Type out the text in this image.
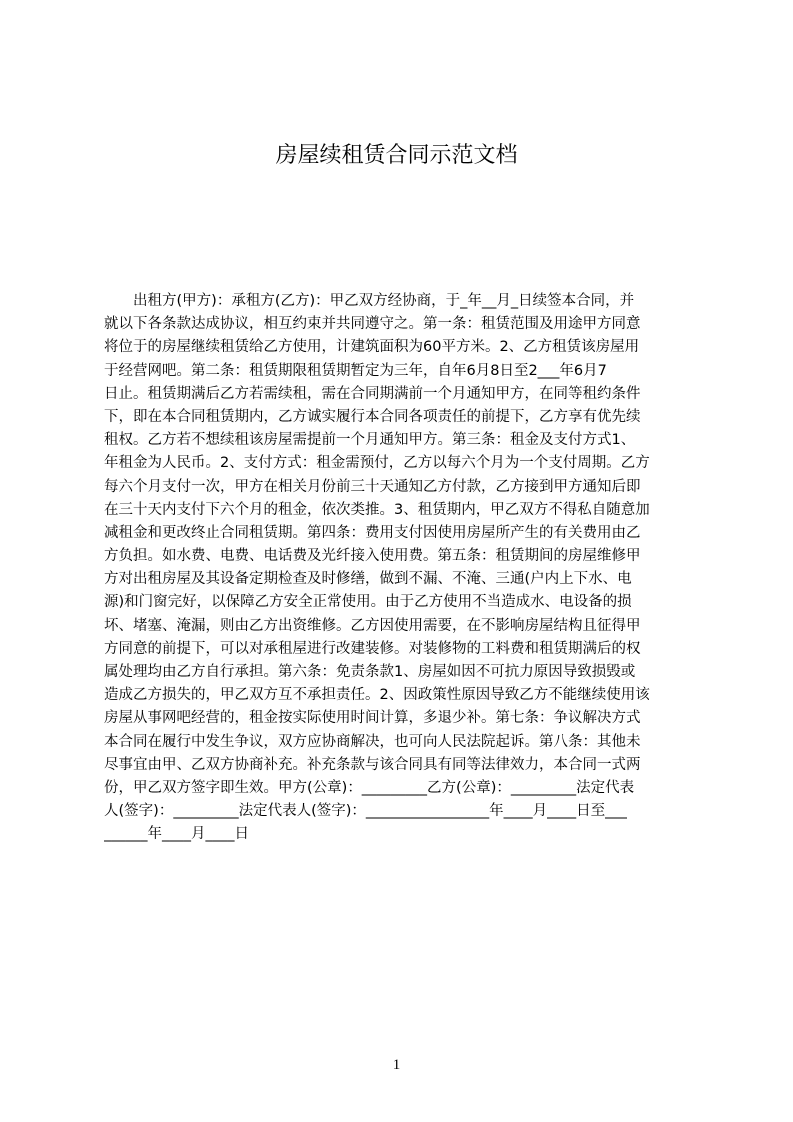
房屋续租赁合同示范文档
　　出租方(甲方)：承租方(乙方)：甲乙双方经协商，于_年__月_日续签本合同，并
就以下各条款达成协议，相互约束并共同遵守之。第一条：租赁范围及用途甲方同意
将位于的房屋继续租赁给乙方使用，计建筑面积为60平方米。2、乙方租赁该房屋用
于经营网吧。第二条：租赁期限租赁期暂定为三年，自年6月8日至2___年6月7
日止。租赁期满后乙方若需续租，需在合同期满前一个月通知甲方，在同等租约条件
下，即在本合同租赁期内，乙方诚实履行本合同各项责任的前提下，乙方享有优先续
租权。乙方若不想续租该房屋需提前一个月通知甲方。第三条：租金及支付方式1、
年租金为人民币。2、支付方式：租金需预付，乙方以每六个月为一个支付周期。乙方
每六个月支付一次，甲方在相关月份前三十天通知乙方付款，乙方接到甲方通知后即
在三十天内支付下六个月的租金，依次类推。3、租赁期内，甲乙双方不得私自随意加
减租金和更改终止合同租赁期。第四条：费用支付因使用房屋所产生的有关费用由乙
方负担。如水费、电费、电话费及光纤接入使用费。第五条：租赁期间的房屋维修甲
方对出租房屋及其设备定期检查及时修缮，做到不漏、不淹、三通(户内上下水、电
源)和门窗完好，以保障乙方安全正常使用。由于乙方使用不当造成水、电设备的损
坏、堵塞、淹漏，则由乙方出资维修。乙方因使用需要，在不影响房屋结构且征得甲
方同意的前提下，可以对承租屋进行改建装修。对装修物的工料费和租赁期满后的权
属处理均由乙方自行承担。第六条：免责条款1、房屋如因不可抗力原因导致损毁或
造成乙方损失的，甲乙双方互不承担责任。2、因政策性原因导致乙方不能继续使用该
房屋从事网吧经营的，租金按实际使用时间计算，多退少补。第七条：争议解决方式
本合同在履行中发生争议，双方应协商解决，也可向人民法院起诉。第八条：其他未
尽事宜由甲、乙双方协商补充。补充条款与该合同具有同等法律效力，本合同一式两
份，甲乙双方签字即生效。甲方(公章)：_________乙方(公章)：_________法定代表
人(签字)：_________法定代表人(签字)：_________________年____月____日至___
______年____月____日
1
